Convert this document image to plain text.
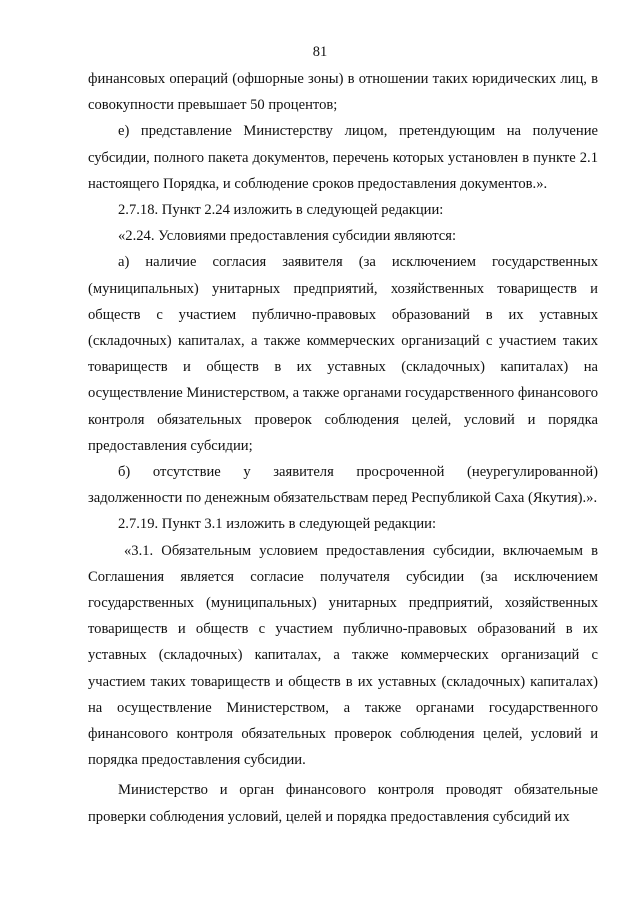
81

финансовых операций (офшорные зоны) в отношении таких юридических лиц, в совокупности превышает 50 процентов;

е) представление Министерству лицом, претендующим на получение субсидии, полного пакета документов, перечень которых установлен в пункте 2.1 настоящего Порядка, и соблюдение сроков предоставления документов.».

2.7.18. Пункт 2.24 изложить в следующей редакции:

«2.24. Условиями предоставления субсидии являются:

а) наличие согласия заявителя (за исключением государственных (муниципальных) унитарных предприятий, хозяйственных товариществ и обществ с участием публично-правовых образований в их уставных (складочных) капиталах, а также коммерческих организаций с участием таких товариществ и обществ в их уставных (складочных) капиталах) на осуществление Министерством, а также органами государственного финансового контроля обязательных проверок соблюдения целей, условий и порядка предоставления субсидии;

б) отсутствие у заявителя просроченной (неурегулированной) задолженности по денежным обязательствам перед Республикой Саха (Якутия).».

2.7.19. Пункт 3.1 изложить в следующей редакции:

«3.1. Обязательным условием предоставления субсидии, включаемым в Соглашения является согласие получателя субсидии (за исключением государственных (муниципальных) унитарных предприятий, хозяйственных товариществ и обществ с участием публично-правовых образований в их уставных (складочных) капиталах, а также коммерческих организаций с участием таких товариществ и обществ в их уставных (складочных) капиталах) на осуществление Министерством, а также органами государственного финансового контроля обязательных проверок соблюдения целей, условий и порядка предоставления субсидии.

Министерство и орган финансового контроля проводят обязательные проверки соблюдения условий, целей и порядка предоставления субсидий их
